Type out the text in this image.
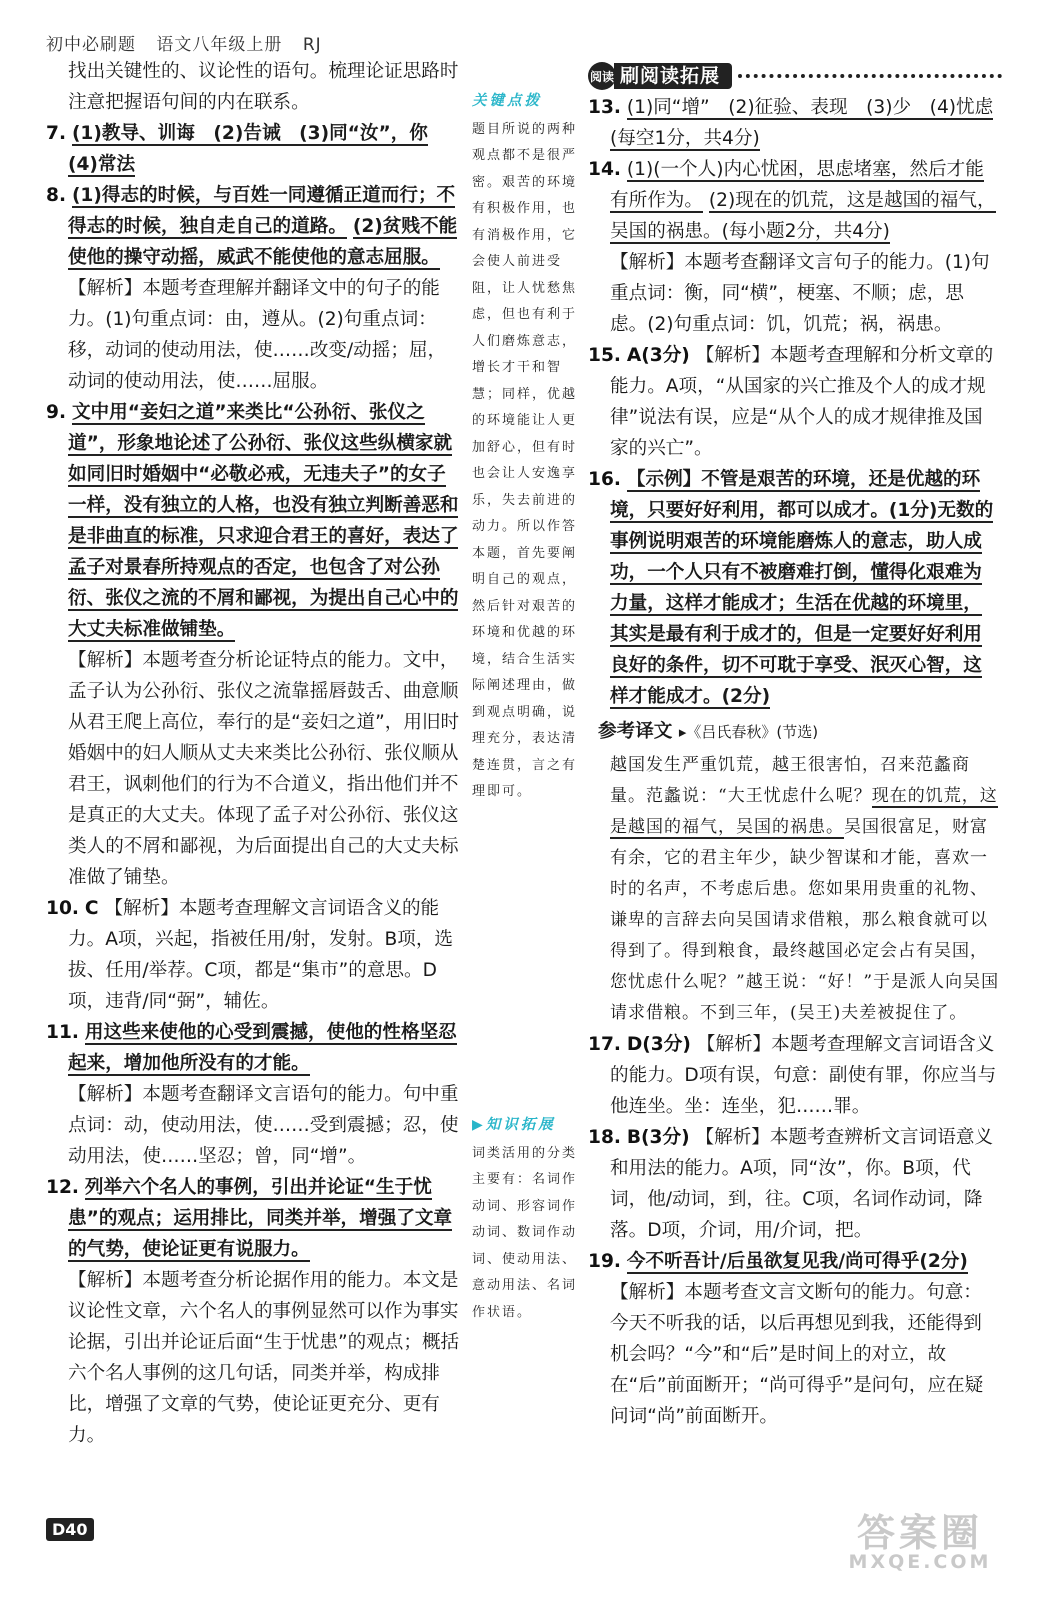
初中必刷题 语文八年级上册 RJ

找出关键性的、议论性的语句。梳理论证思路时注意把握语句间的内在联系。

7. (1)教导、训诲　(2)告诫　(3)同“汝”，你
(4)常法
8. (1)得志的时候，与百姓一同遵循正道而行；不得志的时候，独自走自己的道路。 (2)贫贱不能使他的操守动摇，威武不能使他的意志屈服。

【解析】本题考查理解并翻译文中的句子的能力。(1)句重点词：由，遵从。(2)句重点词：移，动词的使动用法，使……改变/动摇；屈，动词的使动用法，使……屈服。

9. 文中用“妾妇之道”来类比“公孙衍、张仪之道”，形象地论述了公孙衍、张仪这些纵横家就如同旧时婚姻中“必敬必戒，无违夫子”的女子一样，没有独立的人格，也没有独立判断善恶和是非曲直的标准，只求迎合君王的喜好，表达了孟子对景春所持观点的否定，也包含了对公孙衍、张仪之流的不屑和鄙视，为提出自己心中的大丈夫标准做铺垫。

【解析】本题考查分析论证特点的能力。文中，孟子认为公孙衍、张仪之流靠摇唇鼓舌、曲意顺从君王爬上高位，奉行的是“妾妇之道”，用旧时婚姻中的妇人顺从丈夫来类比公孙衍、张仪顺从君王，讽刺他们的行为不合道义，指出他们并不是真正的大丈夫。体现了孟子对公孙衍、张仪这类人的不屑和鄙视，为后面提出自己的大丈夫标准做了铺垫。

10. C 【解析】本题考查理解文言词语含义的能力。A项，兴起，指被任用/射，发射。B项，选拔、任用/举荐。C项，都是“集市”的意思。D项，违背/同“弼”，辅佐。
11. 用这些来使他的心受到震撼，使他的性格坚忍起来，增加他所没有的才能。

【解析】本题考查翻译文言语句的能力。句中重点词：动，使动用法，使……受到震撼；忍，使动用法，使……坚忍；曾，同“增”。

12. 列举六个名人的事例，引出并论证“生于忧患”的观点；运用排比，同类并举，增强了文章的气势，使论证更有说服力。

【解析】本题考查分析论据作用的能力。本文是议论性文章，六个名人的事例显然可以作为事实论据，引出并论证后面“生于忧患”的观点；概括六个名人事例的这几句话，同类并举，构成排比，增强了文章的气势，使论证更充分、更有力。

关键点拨
题目所说的两种观点都不是很严密。艰苦的环境有积极作用，也有消极作用，它会使人前进受阻，让人忧愁焦虑，但也有利于人们磨炼意志，增长才干和智慧；同样，优越的环境能让人更加舒心，但有时也会让人安逸享乐，失去前进的动力。所以作答本题，首先要阐明自己的观点，然后针对艰苦的环境和优越的环境，结合生活实际阐述理由，做到观点明确，说理充分，表达清楚连贯，言之有理即可。
▶知识拓展
词类活用的分类主要有：名词作动词、形容词作动词、数词作动词、使动用法、意动用法、名词作状语。
阅读 刷阅读拓展
13. (1)同“增”　(2)征验、表现　(3)少　(4)忧虑(每空1分，共4分)
14. (1)(一个人)内心忧困，思虑堵塞，然后才能有所作为。 (2)现在的饥荒，这是越国的福气，吴国的祸患。(每小题2分，共4分)

【解析】本题考查翻译文言句子的能力。(1)句重点词：衡，同“横”，梗塞、不顺；虑，思虑。(2)句重点词：饥，饥荒；祸，祸患。

15. A(3分) 【解析】本题考查理解和分析文章的能力。A项，“从国家的兴亡推及个人的成才规律”说法有误，应是“从个人的成才规律推及国家的兴亡”。
16. 【示例】不管是艰苦的环境，还是优越的环境，只要好好利用，都可以成才。(1分)无数的事例说明艰苦的环境能磨炼人的意志，助人成功，一个人只有不被磨难打倒，懂得化艰难为力量，这样才能成才；生活在优越的环境里，其实是最有利于成才的，但是一定要好好利用良好的条件，切不可耽于享受、泯灭心智，这样才能成才。(2分)
参考译文 ▸《吕氏春秋》(节选)

越国发生严重饥荒，越王很害怕，召来范蠡商量。范蠡说：“大王忧虑什么呢？现在的饥荒，这是越国的福气，吴国的祸患。吴国很富足，财富有余，它的君主年少，缺少智谋和才能，喜欢一时的名声，不考虑后患。您如果用贵重的礼物、谦卑的言辞去向吴国请求借粮，那么粮食就可以得到了。得到粮食，最终越国必定会占有吴国，您忧虑什么呢？”越王说：“好！”于是派人向吴国请求借粮。不到三年，(吴王)夫差被捉住了。

17. D(3分) 【解析】本题考查理解文言词语含义的能力。D项有误，句意：副使有罪，你应当与他连坐。坐：连坐，犯……罪。
18. B(3分) 【解析】本题考查辨析文言词语意义和用法的能力。A项，同“汝”，你。B项，代词，他/动词，到，往。C项，名词作动词，降落。D项，介词，用/介词，把。
19. 今不听吾计/后虽欲复见我/尚可得乎(2分)

【解析】本题考查文言文断句的能力。句意：今天不听我的话，以后再想见到我，还能得到机会吗？“今”和“后”是时间上的对立，故在“后”前面断开；“尚可得乎”是问句，应在疑问词“尚”前面断开。

D40	答案圈
MXQE.COM
